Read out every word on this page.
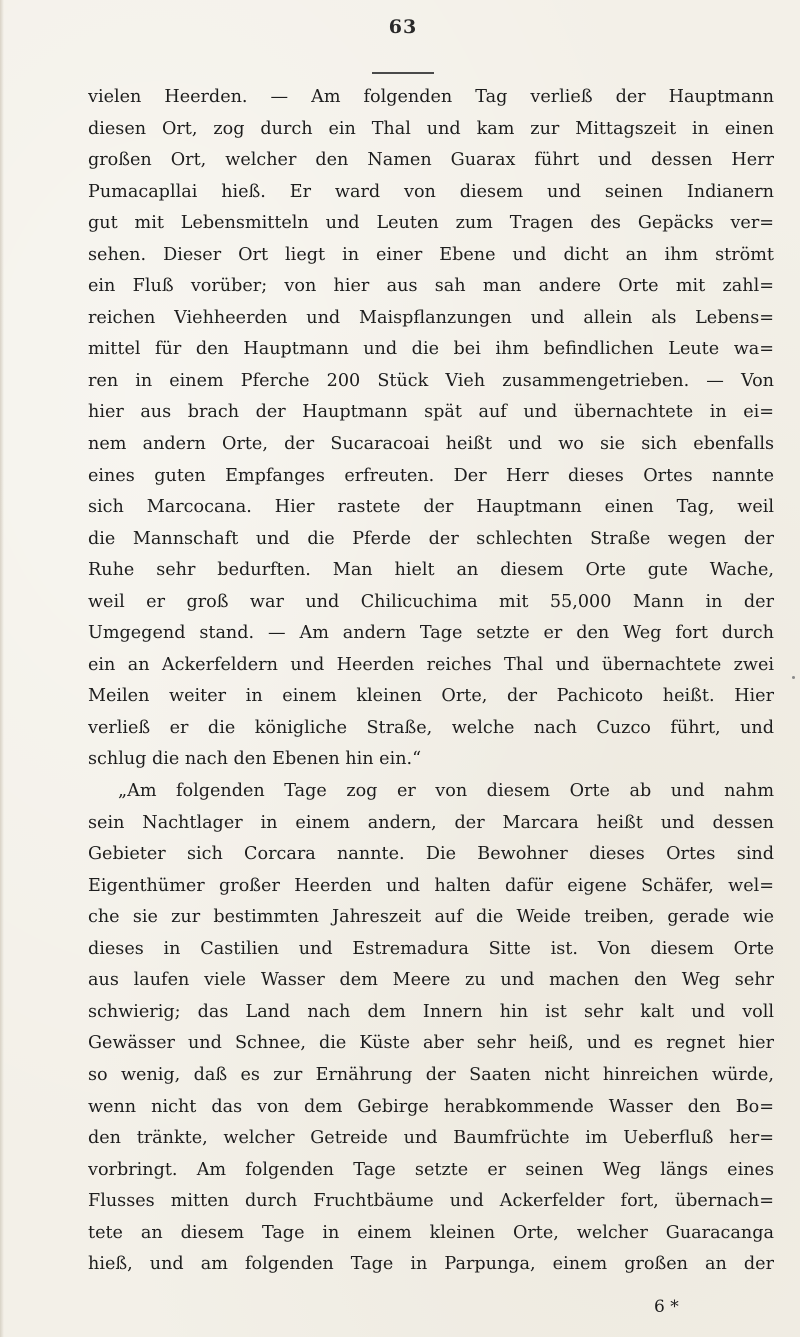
63
vielen Heerden. — Am folgenden Tag verließ der Hauptmann
diesen Ort, zog durch ein Thal und kam zur Mittagszeit in einen
großen Ort, welcher den Namen Guarax führt und dessen Herr
Pumacapllai hieß. Er ward von diesem und seinen Indianern
gut mit Lebensmitteln und Leuten zum Tragen des Gepäcks ver=
sehen. Dieser Ort liegt in einer Ebene und dicht an ihm strömt
ein Fluß vorüber; von hier aus sah man andere Orte mit zahl=
reichen Viehheerden und Maispflanzungen und allein als Lebens=
mittel für den Hauptmann und die bei ihm befindlichen Leute wa=
ren in einem Pferche 200 Stück Vieh zusammengetrieben. — Von
hier aus brach der Hauptmann spät auf und übernachtete in ei=
nem andern Orte, der Sucaracoai heißt und wo sie sich ebenfalls
eines guten Empfanges erfreuten. Der Herr dieses Ortes nannte
sich Marcocana. Hier rastete der Hauptmann einen Tag, weil
die Mannschaft und die Pferde der schlechten Straße wegen der
Ruhe sehr bedurften. Man hielt an diesem Orte gute Wache,
weil er groß war und Chilicuchima mit 55,000 Mann in der
Umgegend stand. — Am andern Tage setzte er den Weg fort durch
ein an Ackerfeldern und Heerden reiches Thal und übernachtete zwei
Meilen weiter in einem kleinen Orte, der Pachicoto heißt. Hier
verließ er die königliche Straße, welche nach Cuzco führt, und
schlug die nach den Ebenen hin ein.“
„Am folgenden Tage zog er von diesem Orte ab und nahm
sein Nachtlager in einem andern, der Marcara heißt und dessen
Gebieter sich Corcara nannte. Die Bewohner dieses Ortes sind
Eigenthümer großer Heerden und halten dafür eigene Schäfer, wel=
che sie zur bestimmten Jahreszeit auf die Weide treiben, gerade wie
dieses in Castilien und Estremadura Sitte ist. Von diesem Orte
aus laufen viele Wasser dem Meere zu und machen den Weg sehr
schwierig; das Land nach dem Innern hin ist sehr kalt und voll
Gewässer und Schnee, die Küste aber sehr heiß, und es regnet hier
so wenig, daß es zur Ernährung der Saaten nicht hinreichen würde,
wenn nicht das von dem Gebirge herabkommende Wasser den Bo=
den tränkte, welcher Getreide und Baumfrüchte im Ueberfluß her=
vorbringt. Am folgenden Tage setzte er seinen Weg längs eines
Flusses mitten durch Fruchtbäume und Ackerfelder fort, übernach=
tete an diesem Tage in einem kleinen Orte, welcher Guaracanga
hieß, und am folgenden Tage in Parpunga, einem großen an der
6 *
